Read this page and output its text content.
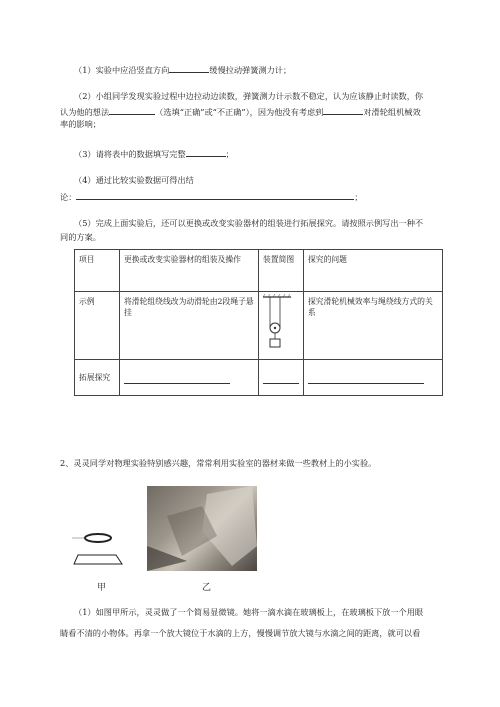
（1）实验中应沿竖直方向	缓慢拉动弹簧测力计；
（2）小组同学发现实验过程中边拉动边读数，弹簧测力计示数不稳定，认为应该静止时读数，你
认为他的想法	（选填“正确”或“不正确”），因为他没有考虑到	对滑轮组机械效
率的影响；
（3）请将表中的数据填写完整	；
（4）通过比较实验数据可得出结
论：	；
（5）完成上面实验后，还可以更换或改变实验器材的组装进行拓展探究。请按照示例写出一种不
同的方案。
项目	更换或改变实验器材的组装及操作	装置简图	探究的问题
示例	将滑轮组绕线改为动滑轮由2段绳子悬挂		探究滑轮机械效率与绳绕线方式的关系
拓展探究			
2、灵灵同学对物理实验特别感兴趣，常常利用实验室的器材来做一些教材上的小实验。
甲	乙
（1）如图甲所示，灵灵做了一个简易显微镜。她将一滴水滴在玻璃板上，在玻璃板下放一个用眼
睛看不清的小物体。再拿一个放大镜位于水滴的上方，慢慢调节放大镜与水滴之间的距离，就可以看
